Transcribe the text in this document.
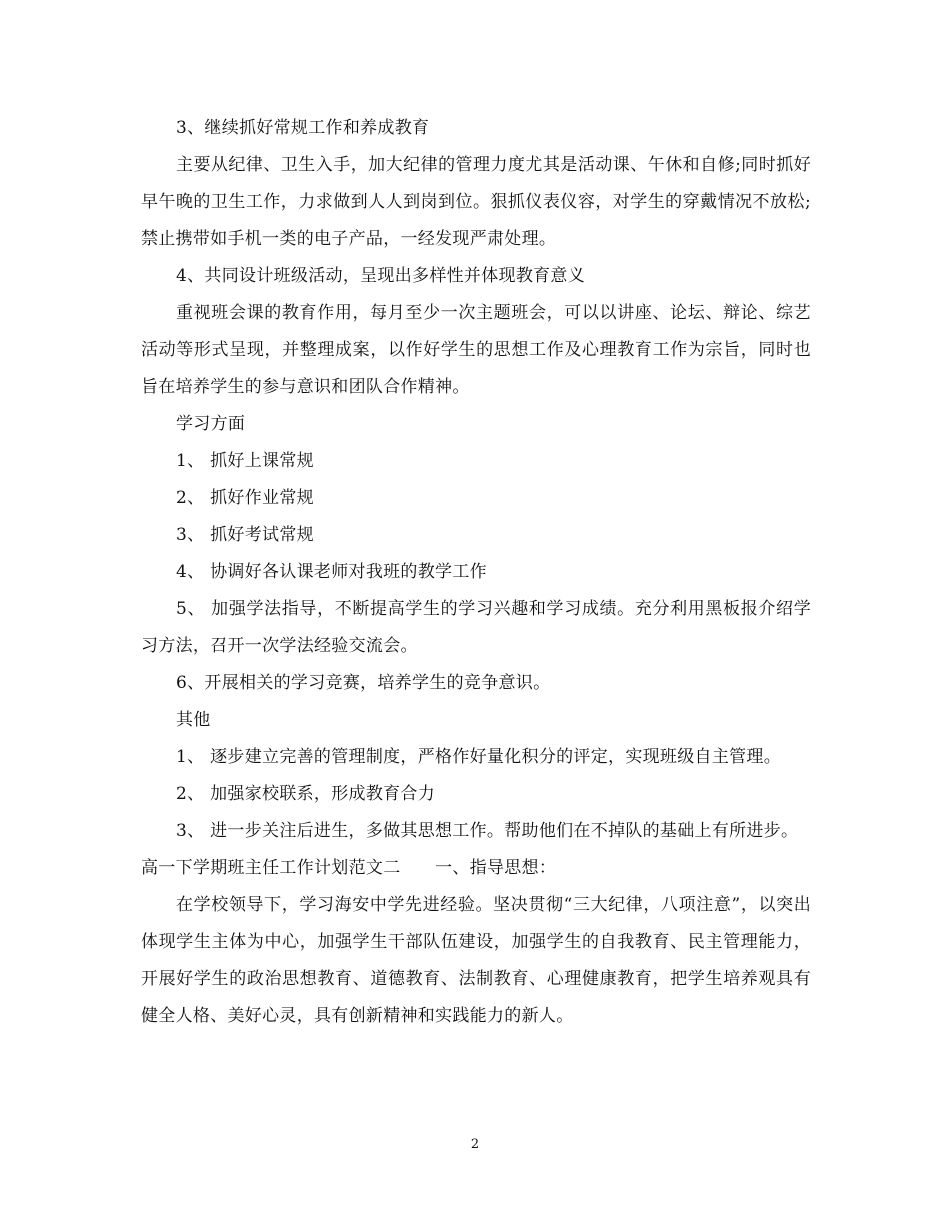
3、继续抓好常规工作和养成教育

主要从纪律、卫生入手，加大纪律的管理力度尤其是活动课、午休和自修;同时抓好早午晚的卫生工作，力求做到人人到岗到位。狠抓仪表仪容，对学生的穿戴情况不放松;禁止携带如手机一类的电子产品，一经发现严肃处理。

4、共同设计班级活动，呈现出多样性并体现教育意义

重视班会课的教育作用，每月至少一次主题班会，可以以讲座、论坛、辩论、综艺活动等形式呈现，并整理成案，以作好学生的思想工作及心理教育工作为宗旨，同时也旨在培养学生的参与意识和团队合作精神。

学习方面

1、 抓好上课常规

2、 抓好作业常规

3、 抓好考试常规

4、 协调好各认课老师对我班的教学工作

5、 加强学法指导，不断提高学生的学习兴趣和学习成绩。充分利用黑板报介绍学习方法，召开一次学法经验交流会。

6、开展相关的学习竞赛，培养学生的竞争意识。

其他

1、 逐步建立完善的管理制度，严格作好量化积分的评定，实现班级自主管理。

2、 加强家校联系，形成教育合力

3、 进一步关注后进生，多做其思想工作。帮助他们在不掉队的基础上有所进步。

高一下学期班主任工作计划范文二　　一、指导思想：

在学校领导下，学习海安中学先进经验。坚决贯彻“三大纪律，八项注意”，以突出体现学生主体为中心，加强学生干部队伍建设，加强学生的自我教育、民主管理能力，开展好学生的政治思想教育、道德教育、法制教育、心理健康教育，把学生培养观具有健全人格、美好心灵，具有创新精神和实践能力的新人。

2
